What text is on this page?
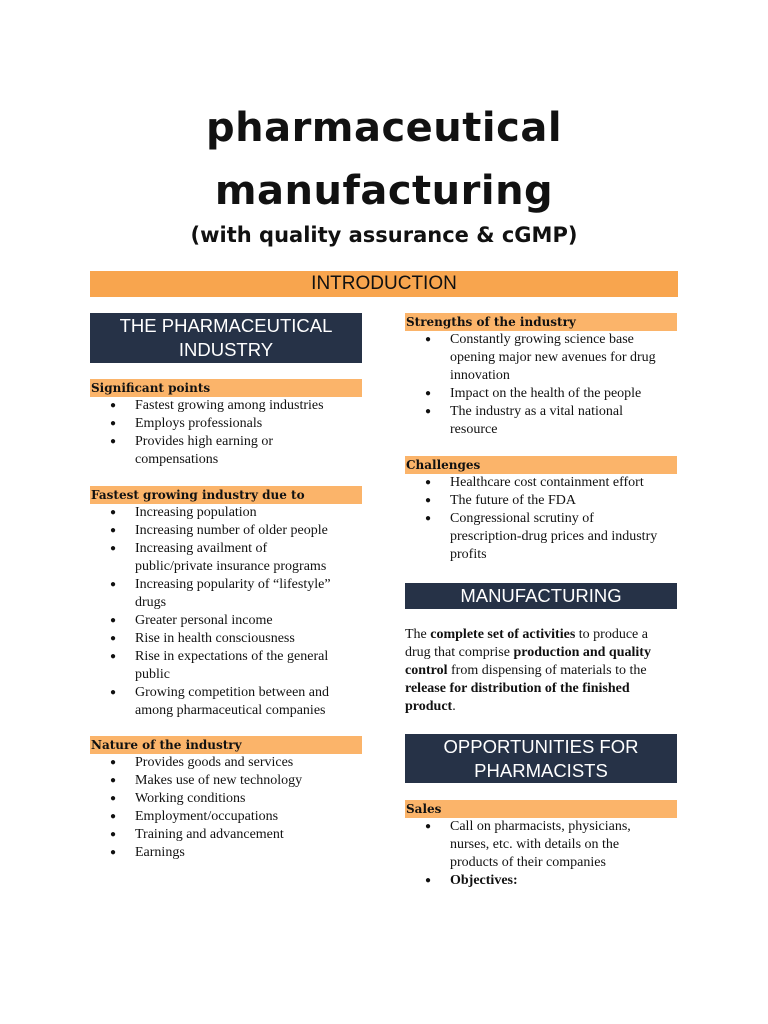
pharmaceutical
manufacturing
(with quality assurance & cGMP)
INTRODUCTION
THE PHARMACEUTICAL
INDUSTRY
Significant points
● Fastest growing among industries
● Employs professionals
● Provides high earning or
compensations
Fastest growing industry due to
● Increasing population
● Increasing number of older people
● Increasing availment of
public/private insurance programs
● Increasing popularity of “lifestyle”
drugs
● Greater personal income
● Rise in health consciousness
● Rise in expectations of the general
public
● Growing competition between and
among pharmaceutical companies
Nature of the industry
● Provides goods and services
● Makes use of new technology
● Working conditions
● Employment/occupations
● Training and advancement
● Earnings
Strengths of the industry
● Constantly growing science base
opening major new avenues for drug
innovation
● Impact on the health of the people
● The industry as a vital national
resource
Challenges
● Healthcare cost containment effort
● The future of the FDA
● Congressional scrutiny of
prescription-drug prices and industry
profits
MANUFACTURING
The complete set of activities to produce a drug that comprise production and quality control from dispensing of materials to the release for distribution of the finished product.
OPPORTUNITIES FOR
PHARMACISTS
Sales
● Call on pharmacists, physicians,
nurses, etc. with details on the
products of their companies
● Objectives:
